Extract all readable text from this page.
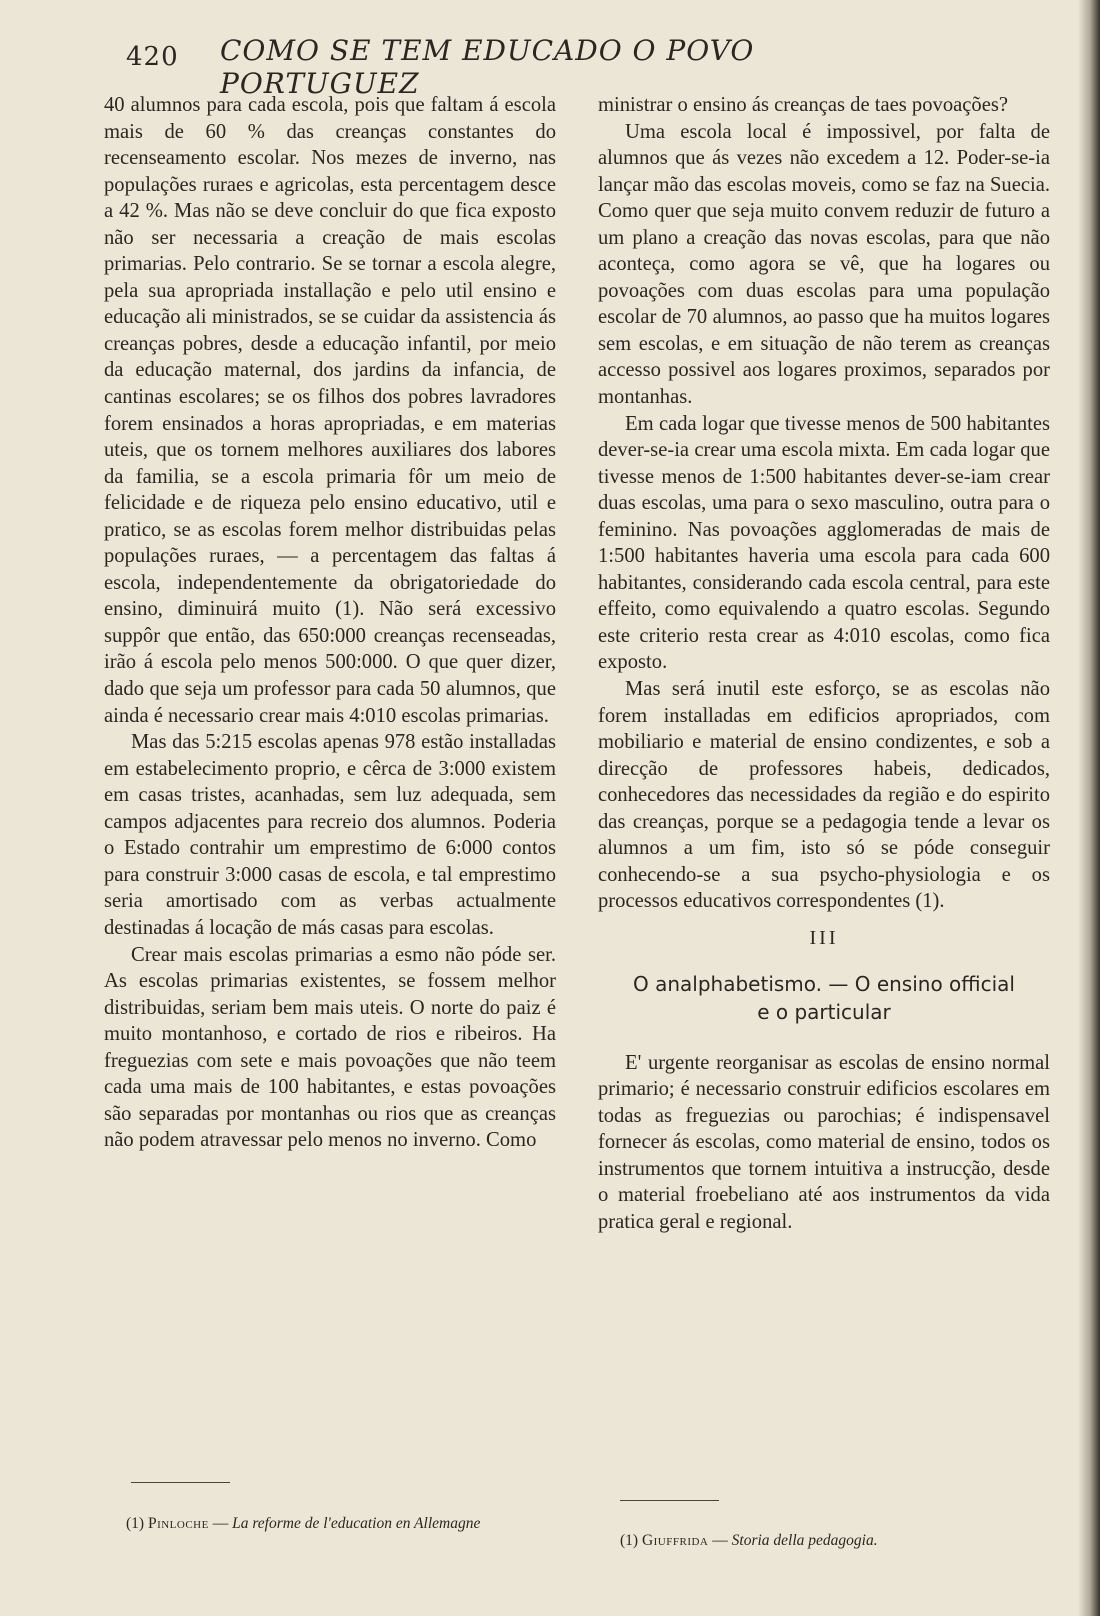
420 COMO SE TEM EDUCADO O POVO PORTUGUEZ

40 alumnos para cada escola, pois que faltam á escola mais de 60 % das creanças constantes do recenseamento escolar. Nos mezes de inverno, nas populações ruraes e agricolas, esta percentagem desce a 42 %. Mas não se deve concluir do que fica exposto não ser necessaria a creação de mais escolas primarias. Pelo contrario. Se se tornar a escola alegre, pela sua apropriada installação e pelo util ensino e educação ali ministrados, se se cuidar da assistencia ás creanças pobres, desde a educação infantil, por meio da educação maternal, dos jardins da infancia, de cantinas escolares; se os filhos dos pobres lavradores forem ensinados a horas apropriadas, e em materias uteis, que os tornem melhores auxiliares dos labores da familia, se a escola primaria fôr um meio de felicidade e de riqueza pelo ensino educativo, util e pratico, se as escolas forem melhor distribuidas pelas populações ruraes, — a percentagem das faltas á escola, independentemente da obrigatoriedade do ensino, diminuirá muito (1). Não será excessivo suppôr que então, das 650:000 creanças recenseadas, irão á escola pelo menos 500:000. O que quer dizer, dado que seja um professor para cada 50 alumnos, que ainda é necessario crear mais 4:010 escolas primarias.

Mas das 5:215 escolas apenas 978 estão installadas em estabelecimento proprio, e cêrca de 3:000 existem em casas tristes, acanhadas, sem luz adequada, sem campos adjacentes para recreio dos alumnos. Poderia o Estado contrahir um emprestimo de 6:000 contos para construir 3:000 casas de escola, e tal emprestimo seria amortisado com as verbas actualmente destinadas á locação de más casas para escolas.

Crear mais escolas primarias a esmo não póde ser. As escolas primarias existentes, se fossem melhor distribuidas, seriam bem mais uteis. O norte do paiz é muito montanhoso, e cortado de rios e ribeiros. Ha freguezias com sete e mais povoações que não teem cada uma mais de 100 habitantes, e estas povoações são separadas por montanhas ou rios que as creanças não podem atravessar pelo menos no inverno. Como

ministrar o ensino ás creanças de taes povoações?

Uma escola local é impossivel, por falta de alumnos que ás vezes não excedem a 12. Poder-se-ia lançar mão das escolas moveis, como se faz na Suecia. Como quer que seja muito convem reduzir de futuro a um plano a creação das novas escolas, para que não aconteça, como agora se vê, que ha logares ou povoações com duas escolas para uma população escolar de 70 alumnos, ao passo que ha muitos logares sem escolas, e em situação de não terem as creanças accesso possivel aos logares proximos, separados por montanhas.

Em cada logar que tivesse menos de 500 habitantes dever-se-ia crear uma escola mixta. Em cada logar que tivesse menos de 1:500 habitantes dever-se-iam crear duas escolas, uma para o sexo masculino, outra para o feminino. Nas povoações agglomeradas de mais de 1:500 habitantes haveria uma escola para cada 600 habitantes, considerando cada escola central, para este effeito, como equivalendo a quatro escolas. Segundo este criterio resta crear as 4:010 escolas, como fica exposto.

Mas será inutil este esforço, se as escolas não forem installadas em edificios apropriados, com mobiliario e material de ensino condizentes, e sob a direcção de professores habeis, dedicados, conhecedores das necessidades da região e do espirito das creanças, porque se a pedagogia tende a levar os alumnos a um fim, isto só se póde conseguir conhecendo-se a sua psycho-physiologia e os processos educativos correspondentes (1).

III
O analphabetismo. — O ensino official
e o particular

E' urgente reorganisar as escolas de ensino normal primario; é necessario construir edificios escolares em todas as freguezias ou parochias; é indispensavel fornecer ás escolas, como material de ensino, todos os instrumentos que tornem intuitiva a instrucção, desde o material froebeliano até aos instrumentos da vida pratica geral e regional.

(1) Pinloche — La reforme de l'education en Allemagne
(1) Giuffrida — Storia della pedagogia.
